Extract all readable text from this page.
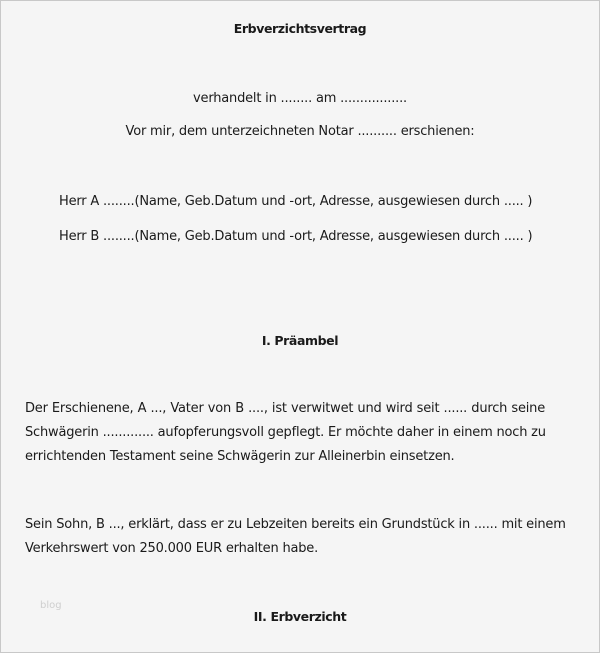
Erbverzichtsvertrag
verhandelt in ........ am .................
Vor mir, dem unterzeichneten Notar .......... erschienen:
Herr A ........(Name, Geb.Datum und -ort, Adresse, ausgewiesen durch ..... )
Herr B ........(Name, Geb.Datum und -ort, Adresse, ausgewiesen durch ..... )
I. Präambel
Der Erschienene, A ..., Vater von B ...., ist verwitwet und wird seit ...... durch seine
Schwägerin ............. aufopferungsvoll gepflegt. Er möchte daher in einem noch zu
errichtenden Testament seine Schwägerin zur Alleinerbin einsetzen.
Sein Sohn, B ..., erklärt, dass er zu Lebzeiten bereits ein Grundstück in ...... mit einem
Verkehrswert von 250.000 EUR erhalten habe.
blog
II. Erbverzicht
